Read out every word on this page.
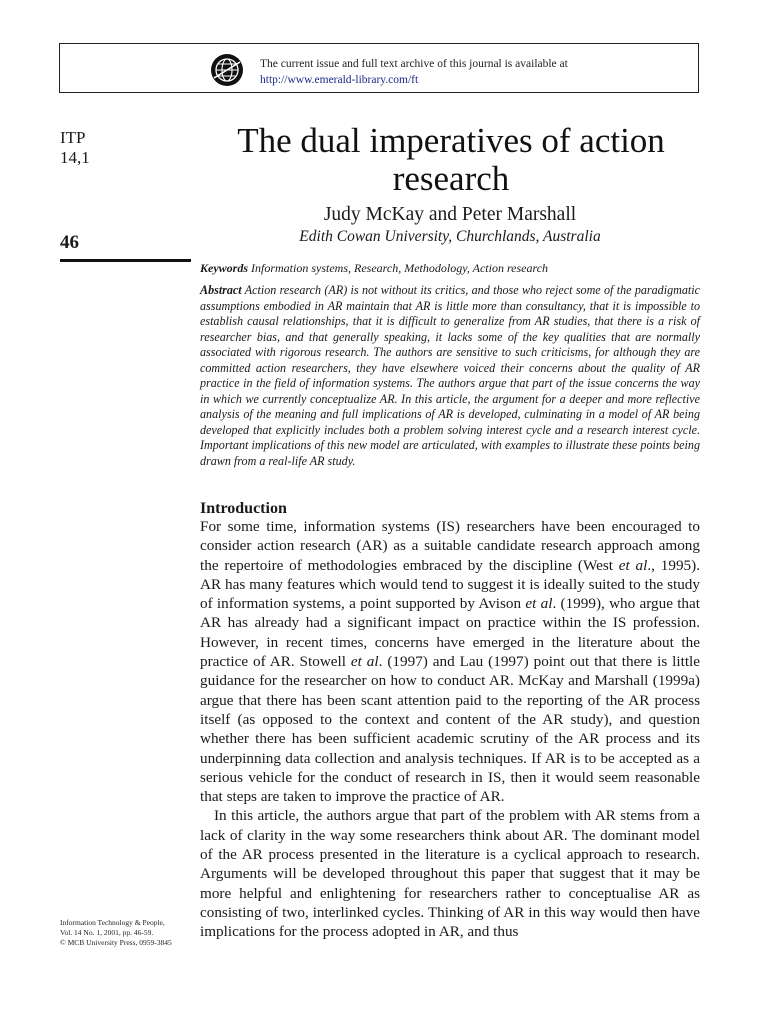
The current issue and full text archive of this journal is available at
http://www.emerald-library.com/ft
ITP
14,1
46
The dual imperatives of action
research
Judy McKay and Peter Marshall
Edith Cowan University, Churchlands, Australia
Keywords Information systems, Research, Methodology, Action research
Abstract Action research (AR) is not without its critics, and those who reject some of the paradigmatic assumptions embodied in AR maintain that AR is little more than consultancy, that it is impossible to establish causal relationships, that it is difficult to generalize from AR studies, that there is a risk of researcher bias, and that generally speaking, it lacks some of the key qualities that are normally associated with rigorous research. The authors are sensitive to such criticisms, for although they are committed action researchers, they have elsewhere voiced their concerns about the quality of AR practice in the field of information systems. The authors argue that part of the issue concerns the way in which we currently conceptualize AR. In this article, the argument for a deeper and more reflective analysis of the meaning and full implications of AR is developed, culminating in a model of AR being developed that explicitly includes both a problem solving interest cycle and a research interest cycle. Important implications of this new model are articulated, with examples to illustrate these points being drawn from a real-life AR study.
Introduction

For some time, information systems (IS) researchers have been encouraged to consider action research (AR) as a suitable candidate research approach among the repertoire of methodologies embraced by the discipline (West et al., 1995). AR has many features which would tend to suggest it is ideally suited to the study of information systems, a point supported by Avison et al. (1999), who argue that AR has already had a significant impact on practice within the IS profession. However, in recent times, concerns have emerged in the literature about the practice of AR. Stowell et al. (1997) and Lau (1997) point out that there is little guidance for the researcher on how to conduct AR. McKay and Marshall (1999a) argue that there has been scant attention paid to the reporting of the AR process itself (as opposed to the context and content of the AR study), and question whether there has been sufficient academic scrutiny of the AR process and its underpinning data collection and analysis techniques. If AR is to be accepted as a serious vehicle for the conduct of research in IS, then it would seem reasonable that steps are taken to improve the practice of AR.

In this article, the authors argue that part of the problem with AR stems from a lack of clarity in the way some researchers think about AR. The dominant model of the AR process presented in the literature is a cyclical approach to research. Arguments will be developed throughout this paper that suggest that it may be more helpful and enlightening for researchers rather to conceptualise AR as consisting of two, interlinked cycles. Thinking of AR in this way would then have implications for the process adopted in AR, and thus

Information Technology & People,
Vol. 14 No. 1, 2001, pp. 46-59.
© MCB University Press, 0959-3845
